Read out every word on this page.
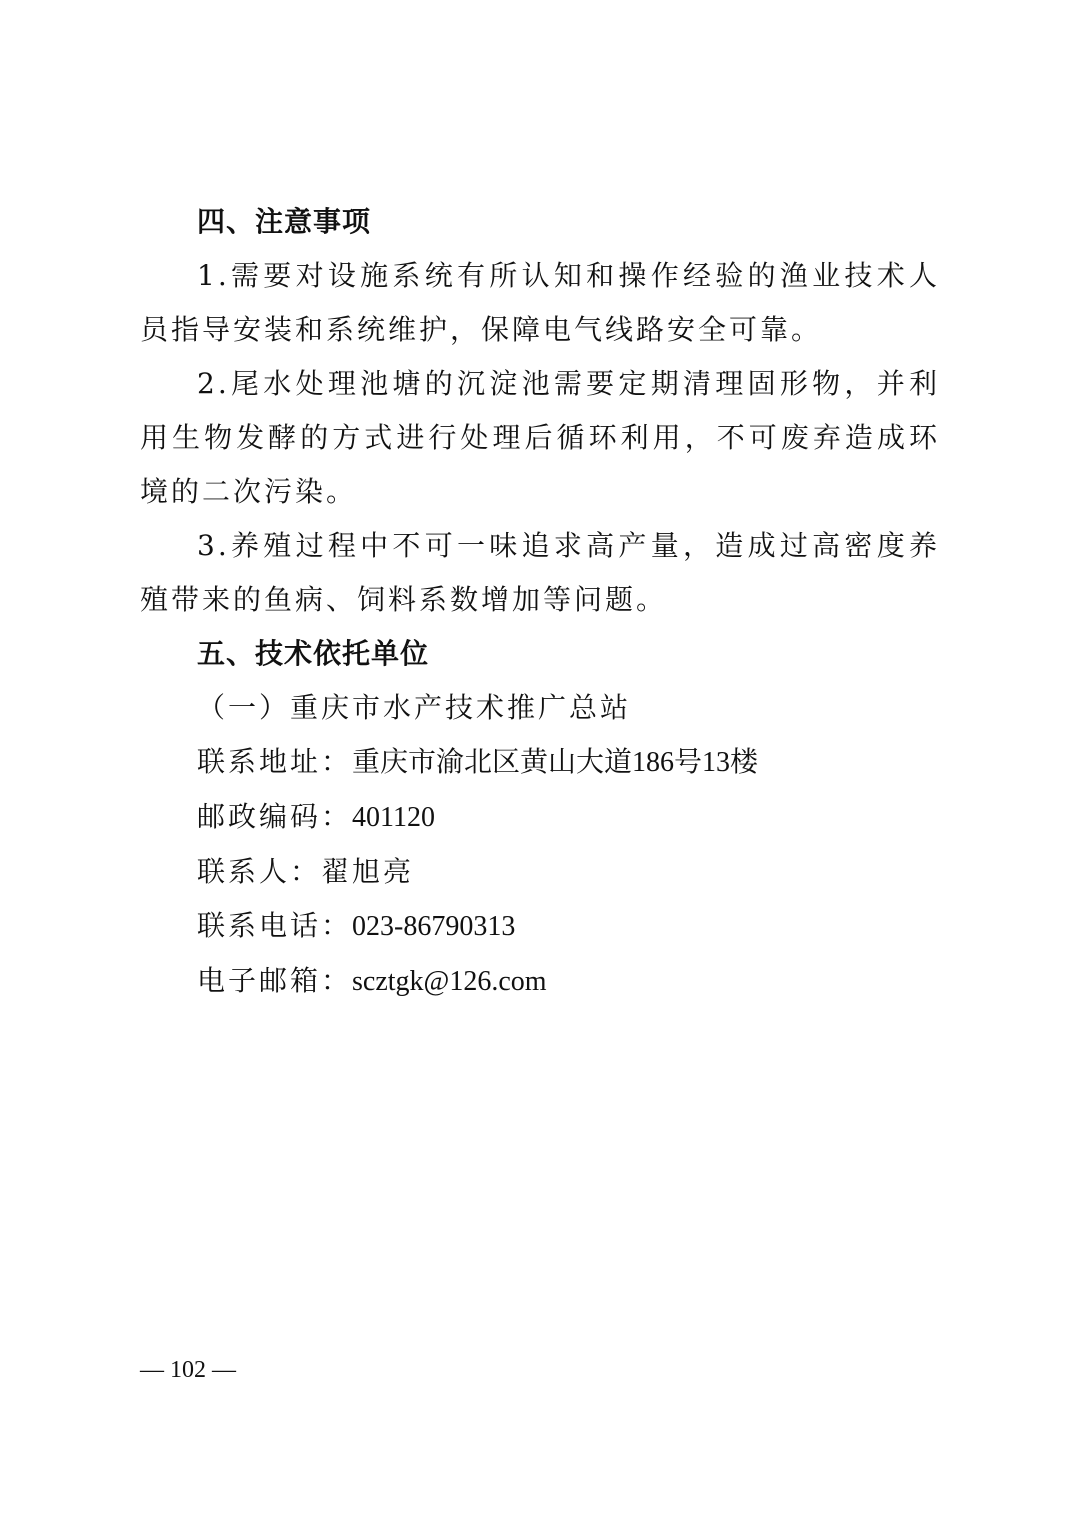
四、注意事项

1.需要对设施系统有所认知和操作经验的渔业技术人员指导安装和系统维护，保障电气线路安全可靠。

2.尾水处理池塘的沉淀池需要定期清理固形物，并利用生物发酵的方式进行处理后循环利用，不可废弃造成环境的二次污染。

3.养殖过程中不可一味追求高产量，造成过高密度养殖带来的鱼病、饲料系数增加等问题。

五、技术依托单位

（一）重庆市水产技术推广总站

联系地址：重庆市渝北区黄山大道186号13楼

邮政编码：401120

联系人：翟旭亮

联系电话：023-86790313

电子邮箱：scztgk@126.com

— 102 —
